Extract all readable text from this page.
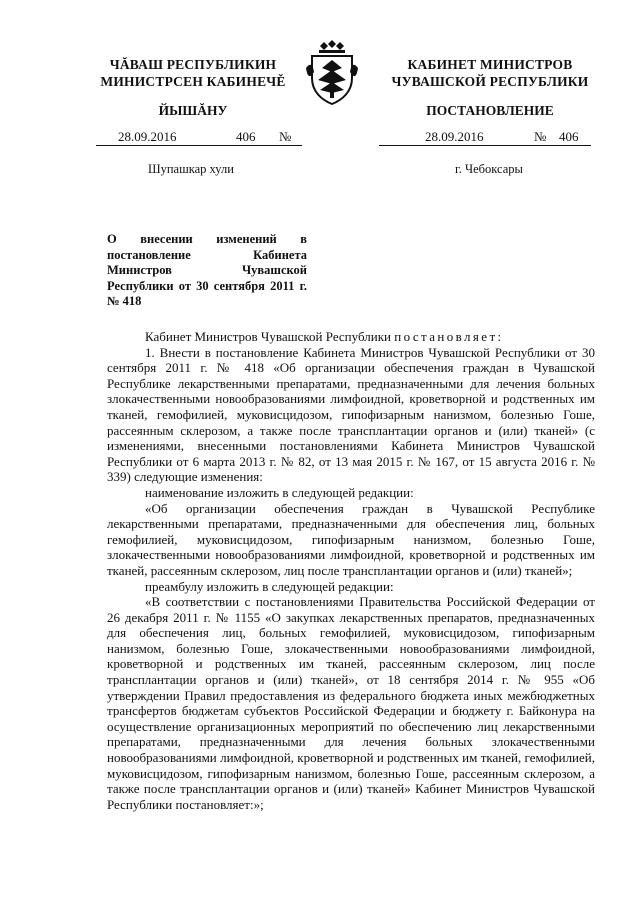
ЧĂВАШ РЕСПУБЛИКИН
МИНИСТРСЕН КАБИНЕЧĚ
ЙЫШĂНУ
КАБИНЕТ МИНИСТРОВ
ЧУВАШСКОЙ РЕСПУБЛИКИ
ПОСТАНОВЛЕНИЕ
28.09.2016	406 №	28.09.2016	№ 406
Шупашкар хули	г. Чебоксары
О внесении изменений в постановление Кабинета Министров Чувашской Республики от 30 сентября 2011 г. № 418

Кабинет Министров Чувашской Республики постановляет:

1. Внести в постановление Кабинета Министров Чувашской Республики от 30 сентября 2011 г. № 418 «Об организации обеспечения граждан в Чувашской Республике лекарственными препаратами, предназначенными для лечения больных злокачественными новообразованиями лимфоидной, кроветворной и родственных им тканей, гемофилией, муковисцидозом, гипофизарным нанизмом, болезнью Гоше, рассеянным склерозом, а также после трансплантации органов и (или) тканей» (с изменениями, внесенными постановлениями Кабинета Министров Чувашской Республики от 6 марта 2013 г. № 82, от 13 мая 2015 г. № 167, от 15 августа 2016 г. № 339) следующие изменения:

наименование изложить в следующей редакции:

«Об организации обеспечения граждан в Чувашской Республике лекарственными препаратами, предназначенными для обеспечения лиц, больных гемофилией, муковисцидозом, гипофизарным нанизмом, болезнью Гоше, злокачественными новообразованиями лимфоидной, кроветворной и родственных им тканей, рассеянным склерозом, лиц после трансплантации органов и (или) тканей»;

преамбулу изложить в следующей редакции:

«В соответствии с постановлениями Правительства Российской Федерации от 26 декабря 2011 г. № 1155 «О закупках лекарственных препаратов, предназначенных для обеспечения лиц, больных гемофилией, муковисцидозом, гипофизарным нанизмом, болезнью Гоше, злокачественными новообразованиями лимфоидной, кроветворной и родственных им тканей, рассеянным склерозом, лиц после трансплантации органов и (или) тканей», от 18 сентября 2014 г. № 955 «Об утверждении Правил предоставления из федерального бюджета иных межбюджетных трансфертов бюджетам субъектов Российской Федерации и бюджету г. Байконура на осуществление организационных мероприятий по обеспечению лиц лекарственными препаратами, предназначенными для лечения больных злокачественными новообразованиями лимфоидной, кроветворной и родственных им тканей, гемофилией, муковисцидозом, гипофизарным нанизмом, болезнью Гоше, рассеянным склерозом, а также после трансплантации органов и (или) тканей» Кабинет Министров Чувашской Республики постановляет:»;
